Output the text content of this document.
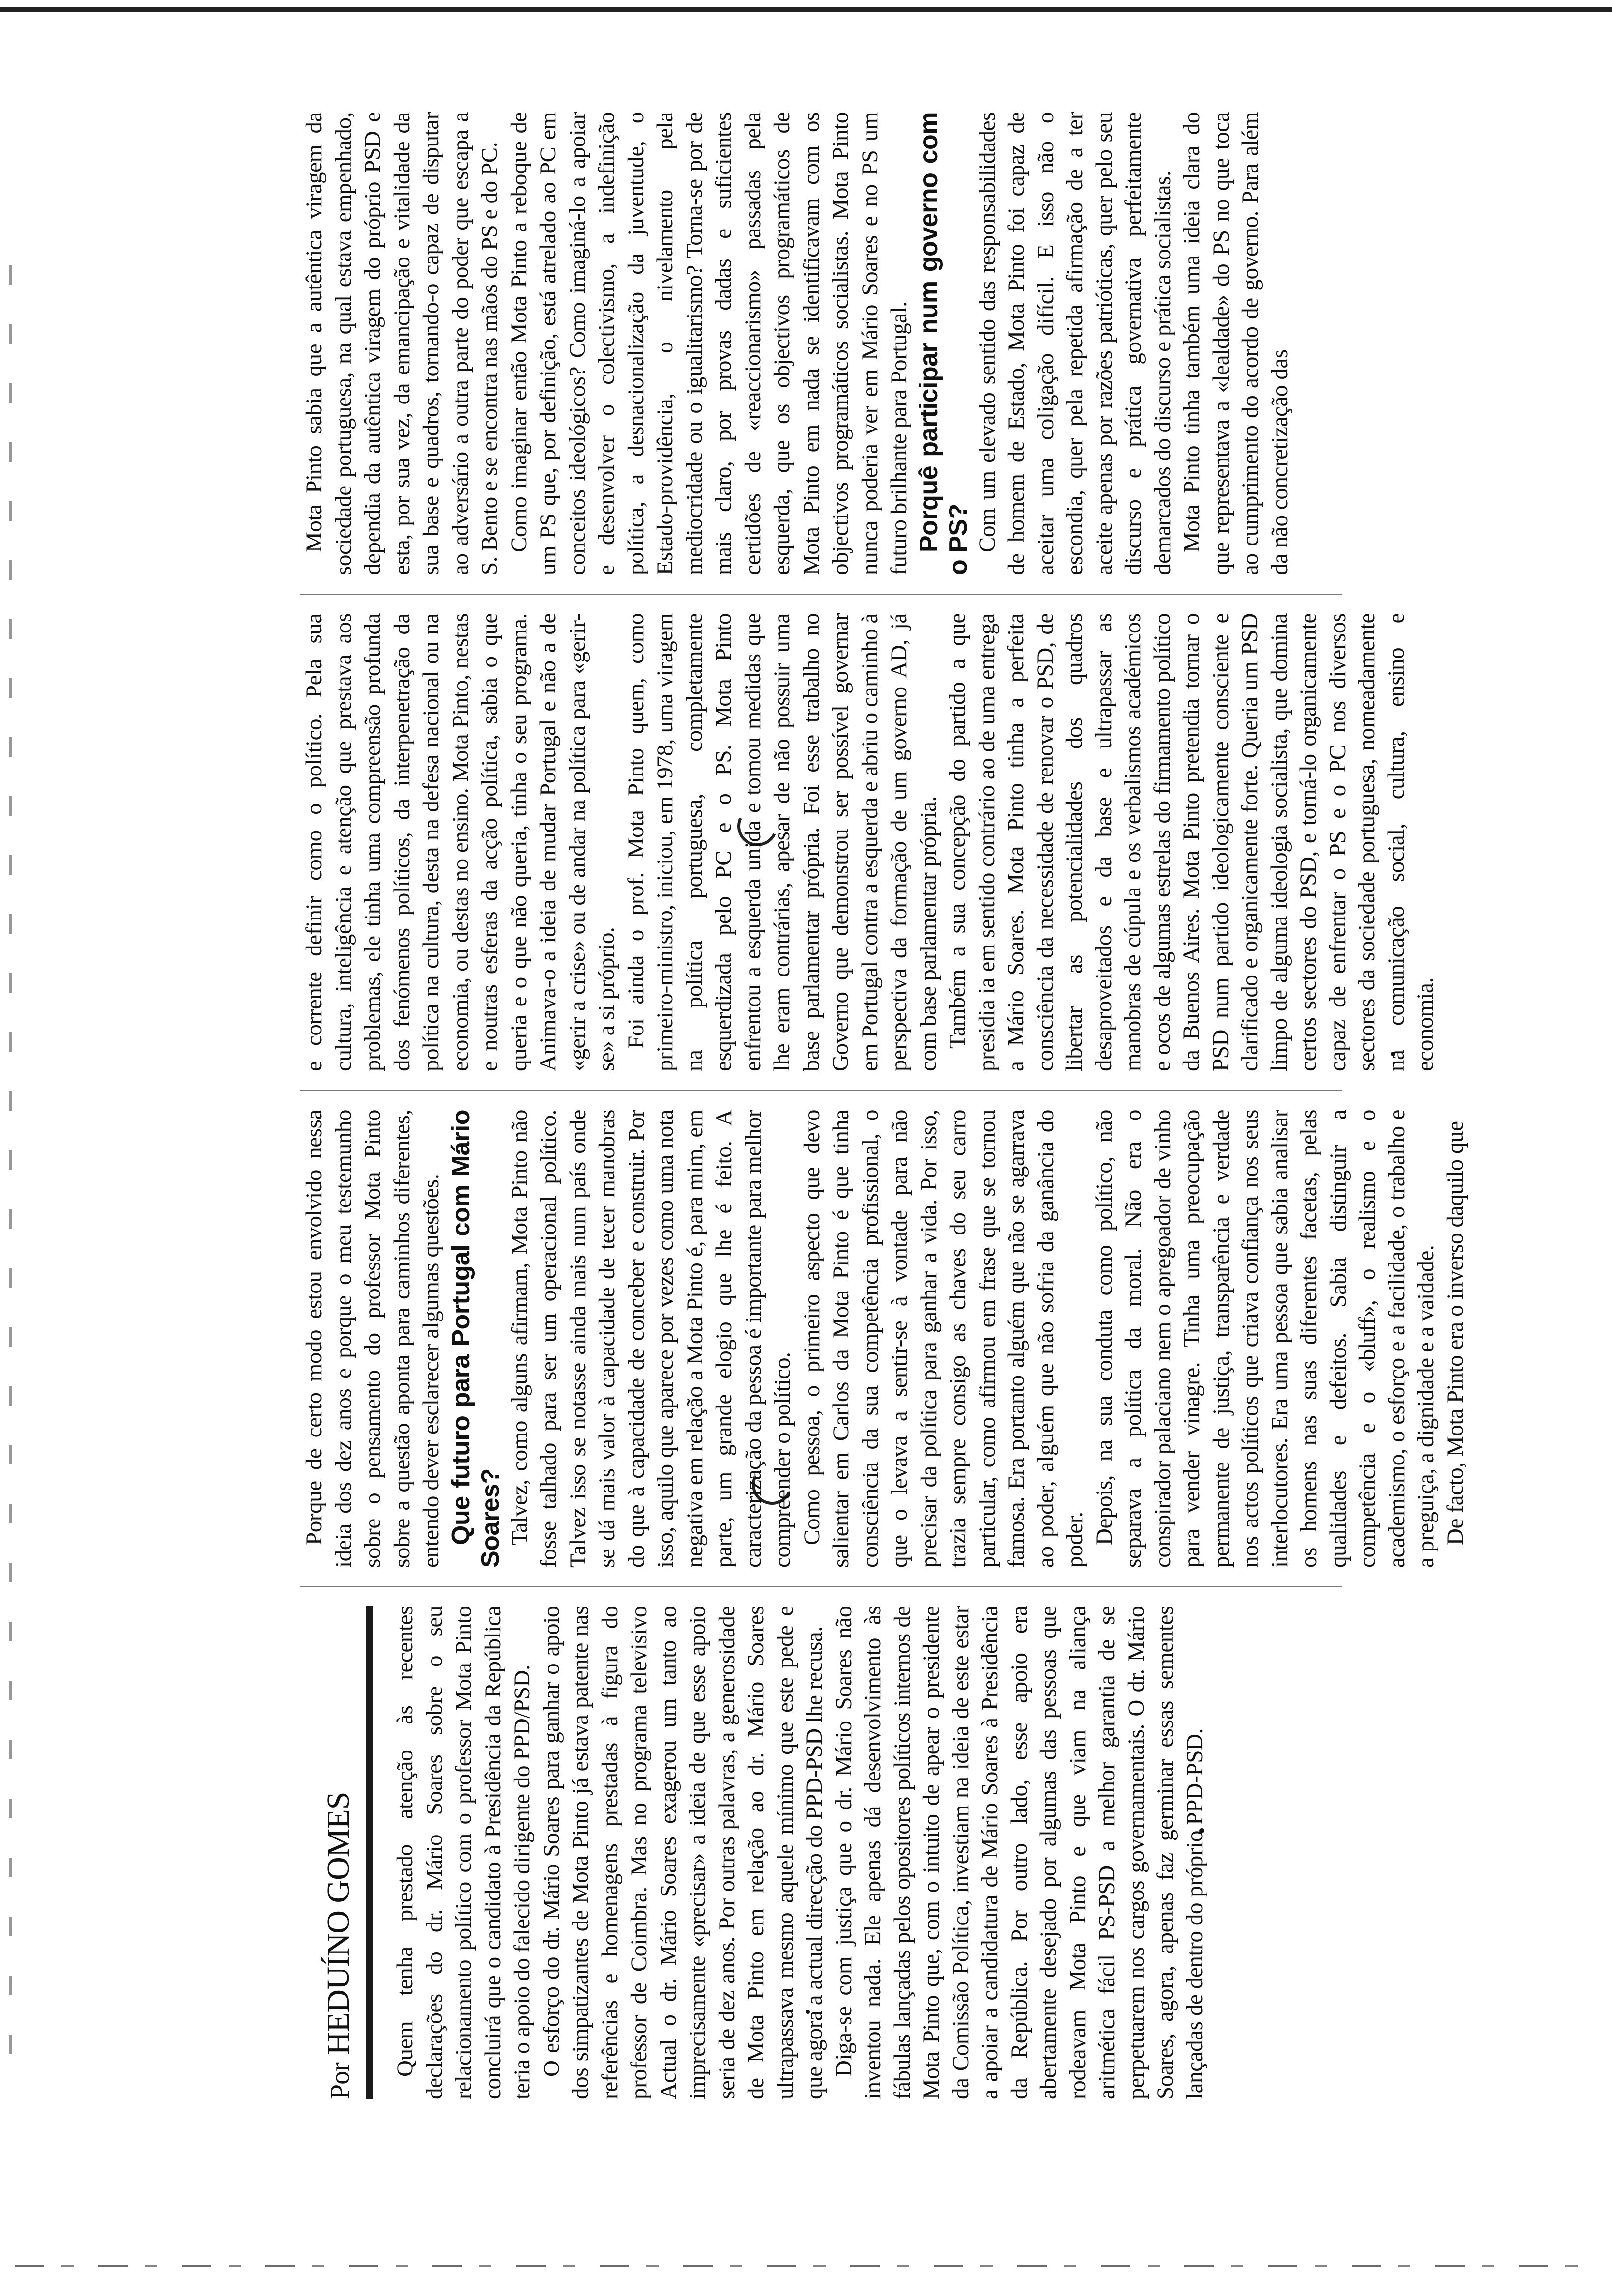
Por HEDUÍNO GOMES	Quem tenha prestado atenção às recentes declarações do dr. Mário Soares sobre o seu relacionamento político com o professor Mota Pinto concluirá que o candidato à Presidência da República teria o apoio do falecido dirigente do PPD/PSD. O esforço do dr. Mário Soares para ganhar o apoio dos simpatizantes de Mota Pinto já estava patente nas referências e homenagens prestadas à figura do professor de Coimbra. Mas no programa televisivo Actual o dr. Mário Soares exagerou um tanto ao imprecisamente «precisar» a ideia de que esse apoio seria de dez anos. Por outras palavras, a generosidade de Mota Pinto em relação ao dr. Mário Soares ultrapassava mesmo aquele mínimo que este pede e que agora a actual direcção do PPD-PSD lhe recusa. Diga-se com justiça que o dr. Mário Soares não inventou nada. Ele apenas dá desenvolvimento às fábulas lançadas pelos opositores políticos internos de Mota Pinto que, com o intuito de apear o presidente da Comissão Política, investiam na ideia de este estar a apoiar a candidatura de Mário Soares à Presidência da República. Por outro lado, esse apoio era abertamente desejado por algumas das pessoas que rodeavam Mota Pinto e que viam na aliança aritmética fácil PS-PSD a melhor garantia de se perpetuarem nos cargos governamentais. O dr. Mário Soares, agora, apenas faz germinar essas sementes lançadas de dentro do próprio PPD-PSD.

Porque de certo modo estou envolvido nessa ideia dos dez anos e porque o meu testemunho sobre o pensamento do professor Mota Pinto sobre a questão aponta para caminhos diferentes, entendo dever esclarecer algumas questões. Que futuro para Portugal com Mário Soares? Talvez, como alguns afirmam, Mota Pinto não fosse talhado para ser um operacional político. Talvez isso se notasse ainda mais num país onde se dá mais valor à capacidade de tecer manobras do que à capacidade de conceber e construir. Por isso, aquilo que aparece por vezes como uma nota negativa em relação a Mota Pinto é, para mim, em parte, um grande elogio que lhe é feito. A caracterização da pessoa é importante para melhor compreender o político. Como pessoa, o primeiro aspecto que devo salientar em Carlos da Mota Pinto é que tinha consciência da sua competência profissional, o que o levava a sentir-se à vontade para não precisar da política para ganhar a vida. Por isso, trazia sempre consigo as chaves do seu carro particular, como afirmou em frase que se tornou famosa. Era portanto alguém que não se agarrava ao poder, alguém que não sofria da ganância do poder. Depois, na sua conduta como político, não separava a política da moral. Não era o conspirador palaciano nem o apregoador de vinho para vender vinagre. Tinha uma preocupação permanente de justiça, transparência e verdade nos actos políticos que criava confiança nos seus interlocutores. Era uma pessoa que sabia analisar os homens nas suas diferentes facetas, pelas qualidades e defeitos. Sabia distinguir a competência e o «bluff», o realismo e o academismo, o esforço e a facilidade, o trabalho e a preguiça, a dignidade e a vaidade. De facto, Mota Pinto era o inverso daquilo que

e corrente definir como o político. Pela sua cultura, inteligência e atenção que prestava aos problemas, ele tinha uma compreensão profunda dos fenómenos políticos, da interpenetração da política na cultura, desta na defesa nacional ou na economia, ou destas no ensino. Mota Pinto, nestas e noutras esferas da acção política, sabia o que queria e o que não queria, tinha o seu programa. Animava-o a ideia de mudar Portugal e não a de «gerir a crise» ou de andar na política para «gerir-se» a si próprio. Foi ainda o prof. Mota Pinto quem, como primeiro-ministro, iniciou, em 1978, uma viragem na política portuguesa, completamente esquerdizada pelo PC e o PS. Mota Pinto enfrentou a esquerda unida e tomou medidas que lhe eram contrárias, apesar de não possuir uma base parlamentar própria. Foi esse trabalho no Governo que demonstrou ser possível governar em Portugal contra a esquerda e abriu o caminho à perspectiva da formação de um governo AD, já com base parlamentar própria. Também a sua concepção do partido a que presidia ia em sentido contrário ao de uma entrega a Mário Soares. Mota Pinto tinha a perfeita consciência da necessidade de renovar o PSD, de libertar as potencialidades dos quadros desaproveitados e da base e ultrapassar as manobras de cúpula e os verbalismos académicos e ocos de algumas estrelas do firmamento político da Buenos Aires. Mota Pinto pretendia tornar o PSD num partido ideologicamente consciente e clarificado e organicamente forte. Queria um PSD limpo de alguma ideologia socialista, que domina certos sectores do PSD, e torná-lo organicamente capaz de enfrentar o PS e o PC nos diversos sectores da sociedade portuguesa, nomeadamente na comunicação social, cultura, ensino e economia.

Mota Pinto sabia que a autêntica viragem da sociedade portuguesa, na qual estava empenhado, dependia da autêntica viragem do próprio PSD e esta, por sua vez, da emancipação e vitalidade da sua base e quadros, tornando-o capaz de disputar ao adversário a outra parte do poder que escapa a S. Bento e se encontra nas mãos do PS e do PC. Como imaginar então Mota Pinto a reboque de um PS que, por definição, está atrelado ao PC em conceitos ideológicos? Como imaginá-lo a apoiar e desenvolver o colectivismo, a indefinição política, a desnacionalização da juventude, o Estado-providência, o nivelamento pela mediocridade ou o igualitarismo? Torna-se por de mais claro, por provas dadas e suficientes certidões de «reaccionarismo» passadas pela esquerda, que os objectivos programáticos de Mota Pinto em nada se identificavam com os objectivos programáticos socialistas. Mota Pinto nunca poderia ver em Mário Soares e no PS um futuro brilhante para Portugal. Porquê participar num governo com o PS? Com um elevado sentido das responsabilidades de homem de Estado, Mota Pinto foi capaz de aceitar uma coligação difícil. E isso não o escondia, quer pela repetida afirmação de a ter aceite apenas por razões patrióticas, quer pelo seu discurso e prática governativa perfeitamente demarcados do discurso e prática socialistas. Mota Pinto tinha também uma ideia clara do que representava a «lealdade» do PS no que toca ao cumprimento do acordo de governo. Para além da não concretização das
